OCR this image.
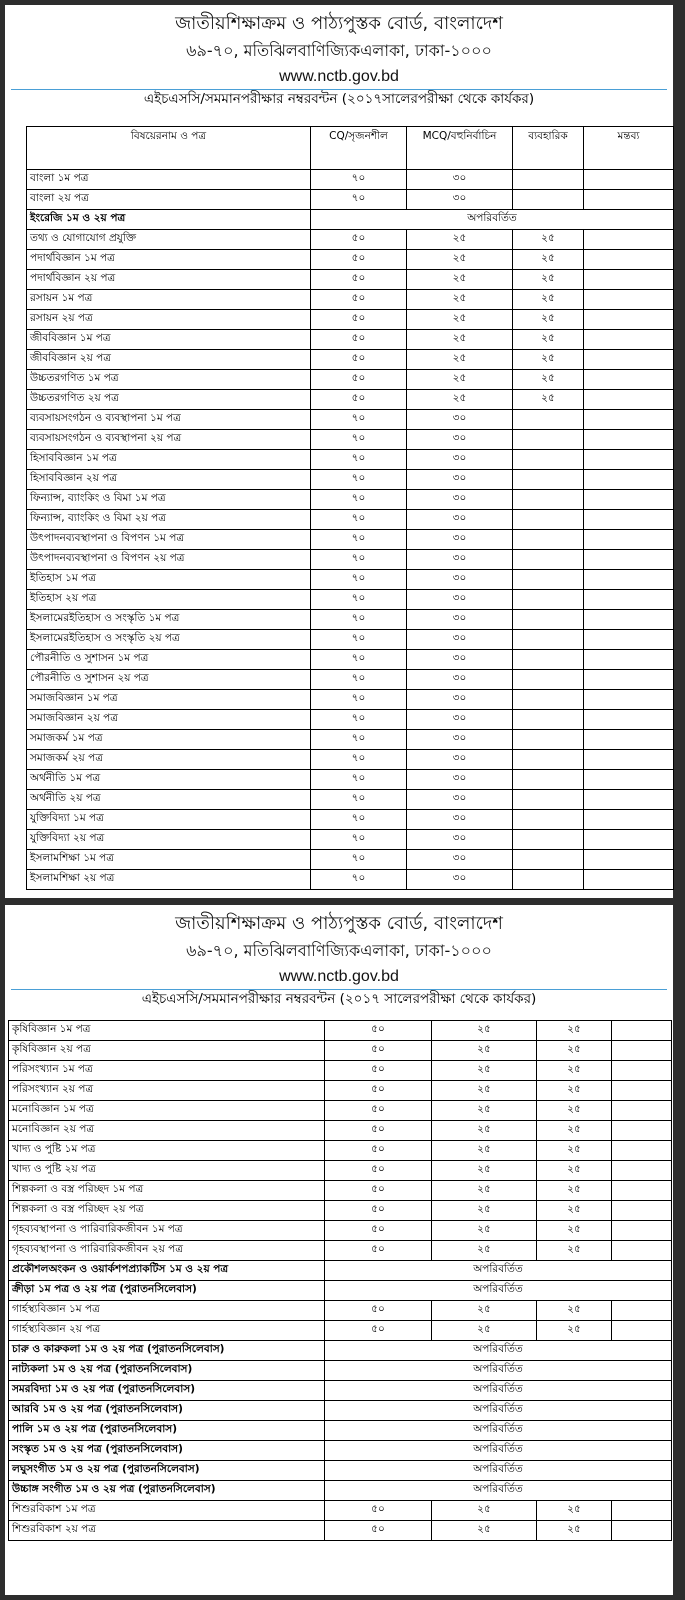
জাতীয়শিক্ষাক্রম ও পাঠ্যপুস্তক বোর্ড, বাংলাদেশ
৬৯-৭০, মতিঝিলবাণিজ্যিকএলাকা, ঢাকা-১০০০
www.nctb.gov.bd
এইচএসসি/সমমানপরীক্ষার নম্বরবন্টন (২০১৭সালেরপরীক্ষা থেকে কার্যকর)
বিষয়েরনাম ও পত্র	CQ/সৃজনশীল	MCQ/বহুনির্বাচিন	ব্যবহারিক	মন্তব্য
বাংলা ১ম পত্র	৭০	৩০		
বাংলা ২য় পত্র	৭০	৩০		
ইংরেজি ১ম ও ২য় পত্র	অপরিবর্তিত			
তথ্য ও যোগাযোগ প্রযুক্তি	৫০	২৫	২৫	
পদার্থবিজ্ঞান ১ম পত্র	৫০	২৫	২৫	
পদার্থবিজ্ঞান ২য় পত্র	৫০	২৫	২৫	
রসায়ন ১ম পত্র	৫০	২৫	২৫	
রসায়ন ২য় পত্র	৫০	২৫	২৫	
জীববিজ্ঞান ১ম পত্র	৫০	২৫	২৫	
জীববিজ্ঞান ২য় পত্র	৫০	২৫	২৫	
উচ্চতরগণিত ১ম পত্র	৫০	২৫	২৫	
উচ্চতরগণিত ২য় পত্র	৫০	২৫	২৫	
ব্যবসায়সংগঠন ও ব্যবস্থাপনা ১ম পত্র	৭০	৩০		
ব্যবসায়সংগঠন ও ব্যবস্থাপনা ২য় পত্র	৭০	৩০		
হিসাববিজ্ঞান ১ম পত্র	৭০	৩০		
হিসাববিজ্ঞান ২য় পত্র	৭০	৩০		
ফিন্যান্স, ব্যাংকিং ও বিমা ১ম পত্র	৭০	৩০		
ফিন্যান্স, ব্যাংকিং ও বিমা ২য় পত্র	৭০	৩০		
উৎপাদনব্যবস্থাপনা ও বিপণন ১ম পত্র	৭০	৩০		
উৎপাদনব্যবস্থাপনা ও বিপণন ২য় পত্র	৭০	৩০		
ইতিহাস ১ম পত্র	৭০	৩০		
ইতিহাস ২য় পত্র	৭০	৩০		
ইসলামেরইতিহাস ও সংস্কৃতি ১ম পত্র	৭০	৩০		
ইসলামেরইতিহাস ও সংস্কৃতি ২য় পত্র	৭০	৩০		
পৌরনীতি ও সুশাসন ১ম পত্র	৭০	৩০		
পৌরনীতি ও সুশাসন ২য় পত্র	৭০	৩০		
সমাজবিজ্ঞান ১ম পত্র	৭০	৩০		
সমাজবিজ্ঞান ২য় পত্র	৭০	৩০		
সমাজকর্ম ১ম পত্র	৭০	৩০		
সমাজকর্ম ২য় পত্র	৭০	৩০		
অর্থনীতি ১ম পত্র	৭০	৩০		
অর্থনীতি ২য় পত্র	৭০	৩০		
যুক্তিবিদ্যা ১ম পত্র	৭০	৩০		
যুক্তিবিদ্যা ২য় পত্র	৭০	৩০		
ইসলামশিক্ষা ১ম পত্র	৭০	৩০		
ইসলামশিক্ষা ২য় পত্র	৭০	৩০		
জাতীয়শিক্ষাক্রম ও পাঠ্যপুস্তক বোর্ড, বাংলাদেশ
৬৯-৭০, মতিঝিলবাণিজ্যিকএলাকা, ঢাকা-১০০০
www.nctb.gov.bd
এইচএসসি/সমমানপরীক্ষার নম্বরবন্টন (২০১৭ সালেরপরীক্ষা থেকে কার্যকর)
কৃষিবিজ্ঞান ১ম পত্র	৫০	২৫	২৫	
কৃষিবিজ্ঞান ২য় পত্র	৫০	২৫	২৫	
পরিসংখ্যান ১ম পত্র	৫০	২৫	২৫	
পরিসংখ্যান ২য় পত্র	৫০	২৫	২৫	
মনোবিজ্ঞান ১ম পত্র	৫০	২৫	২৫	
মনোবিজ্ঞান ২য় পত্র	৫০	২৫	২৫	
খাদ্য ও পুষ্টি ১ম পত্র	৫০	২৫	২৫	
খাদ্য ও পুষ্টি ২য় পত্র	৫০	২৫	২৫	
শিল্পকলা ও বস্ত্র পরিচ্ছদ ১ম পত্র	৫০	২৫	২৫	
শিল্পকলা ও বস্ত্র পরিচ্ছদ ২য় পত্র	৫০	২৫	২৫	
গৃহব্যবস্থাপনা ও পারিবারিকজীবন ১ম পত্র	৫০	২৫	২৫	
গৃহব্যবস্থাপনা ও পারিবারিকজীবন ২য় পত্র	৫০	২৫	২৫	
প্রকৌশলঅংকন ও ওয়ার্কশপপ্র্যাকটিস ১ম ও ২য় পত্র	অপরিবর্তিত			
ক্রীড়া ১ম পত্র ও ২য় পত্র (পুরাতনসিলেবাস)	অপরিবর্তিত			
গার্হস্থ্যবিজ্ঞান ১ম পত্র	৫০	২৫	২৫	
গার্হস্থ্যবিজ্ঞান ২য় পত্র	৫০	২৫	২৫	
চারু ও কারুকলা ১ম ও ২য় পত্র (পুরাতনসিলেবাস)	অপরিবর্তিত			
নাট্যকলা ১ম ও ২য় পত্র (পুরাতনসিলেবাস)	অপরিবর্তিত			
সমরবিদ্যা ১ম ও ২য় পত্র (পুরাতনসিলেবাস)	অপরিবর্তিত			
আরবি ১ম ও ২য় পত্র (পুরাতনসিলেবাস)	অপরিবর্তিত			
পালি ১ম ও ২য় পত্র (পুরাতনসিলেবাস)	অপরিবর্তিত			
সংস্কৃত ১ম ও ২য় পত্র (পুরাতনসিলেবাস)	অপরিবর্তিত			
লঘুসংগীত ১ম ও ২য় পত্র (পুরাতনসিলেবাস)	অপরিবর্তিত			
উচ্চাঙ্গ সংগীত ১ম ও ২য় পত্র (পুরাতনসিলেবাস)	অপরিবর্তিত			
শিশুরবিকাশ ১ম পত্র	৫০	২৫	২৫	
শিশুরবিকাশ ২য় পত্র	৫০	২৫	২৫	
